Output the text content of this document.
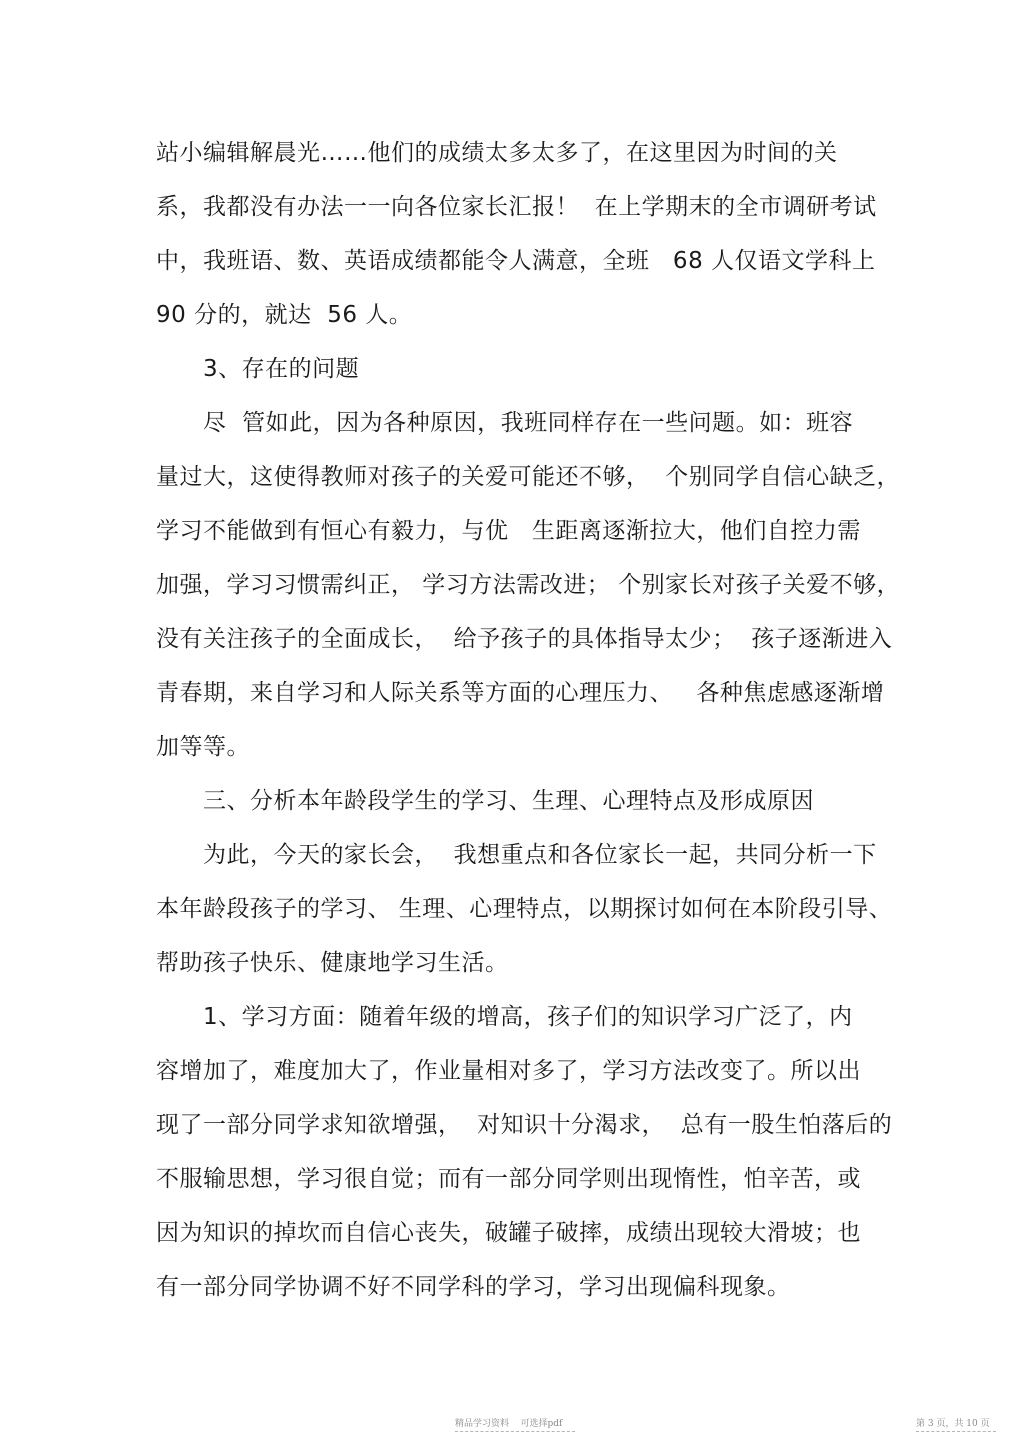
站小编辑解晨光……他们的成绩太多太多了，在这里因为时间的关
系，我都没有办法一一向各位家长汇报！  在上学期末的全市调研考试
中，我班语、数、英语成绩都能令人满意，全班   68 人仅语文学科上
90 分的，就达  56 人。
3、存在的问题
尽  管如此，因为各种原因，我班同样存在一些问题。如：班容
量过大，这使得教师对孩子的关爱可能还不够，  个别同学自信心缺乏，
学习不能做到有恒心有毅力，与优   生距离逐渐拉大，他们自控力需
加强，学习习惯需纠正， 学习方法需改进； 个别家长对孩子关爱不够，
没有关注孩子的全面成长，  给予孩子的具体指导太少；  孩子逐渐进入
青春期，来自学习和人际关系等方面的心理压力、   各种焦虑感逐渐增
加等等。
三、分析本年龄段学生的学习、生理、心理特点及形成原因
为此，今天的家长会，  我想重点和各位家长一起，共同分析一下
本年龄段孩子的学习、 生理、心理特点，以期探讨如何在本阶段引导、
帮助孩子快乐、健康地学习生活。
1、学习方面：随着年级的增高，孩子们的知识学习广泛了，内
容增加了，难度加大了，作业量相对多了，学习方法改变了。所以出
现了一部分同学求知欲增强，  对知识十分渴求，  总有一股生怕落后的
不服输思想，学习很自觉；而有一部分同学则出现惰性，怕辛苦，或
因为知识的掉坎而自信心丧失，破罐子破摔，成绩出现较大滑坡；也
有一部分同学协调不好不同学科的学习，学习出现偏科现象。
精品学习资料    可选择pdf	第 3 页，共 10 页
